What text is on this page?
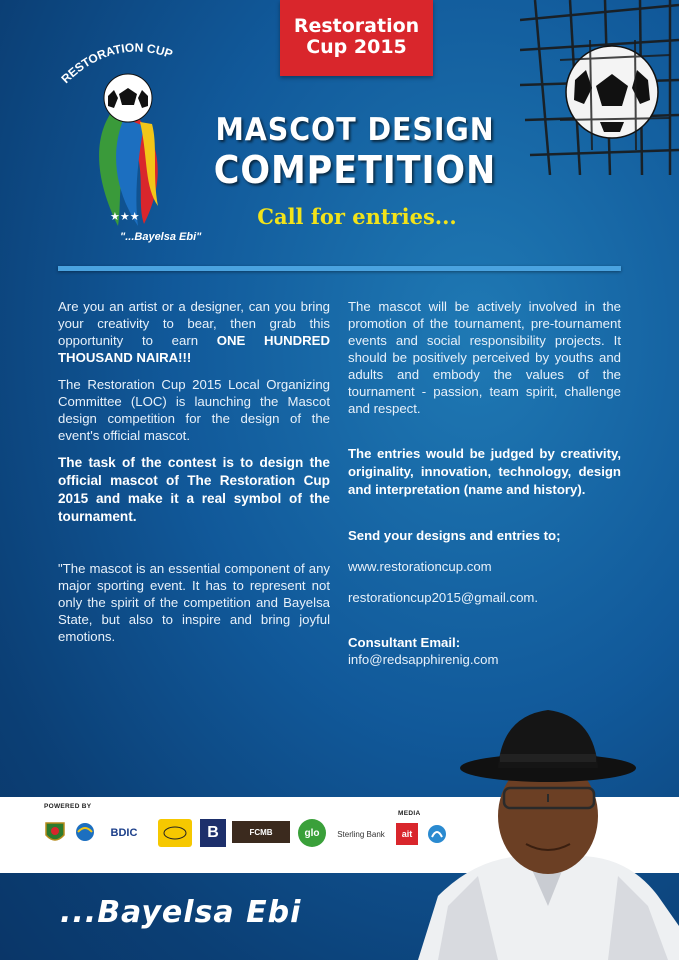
RESTORATION CUP
★★★
"...Bayelsa Ebi"
Restoration
Cup 2015
MASCOT DESIGN
COMPETITION
Call for entries...

Are you an artist or a designer, can you bring your creativity to bear, then grab this opportunity to earn ONE HUNDRED THOUSAND NAIRA!!!

The Restoration Cup 2015 Local Organizing Committee (LOC) is launching the Mascot design competition for the design of the event's official mascot.

The task of the contest is to design the official mascot of The Restoration Cup 2015 and make it a real symbol of the tournament.

"The mascot is an essential component of any major sporting event. It has to represent not only the spirit of the competition and Bayelsa State, but also to inspire and bring joyful emotions.

The mascot will be actively involved in the promotion of the tournament, pre-tournament events and social responsibility projects. It should be positively perceived by youths and adults and embody the values of the tournament - passion, team spirit, challenge and respect.

The entries would be judged by creativity, originality, innovation, technology, design and interpretation (name and history).

Send your designs and entries to;

www.restorationcup.com

restorationcup2015@gmail.com.

Consultant Email:

info@redsapphirenig.com

POWERED BY
MEDIA
BDIC	B	FCMB	glo	Sterling Bank	ait
...Bayelsa Ebi
